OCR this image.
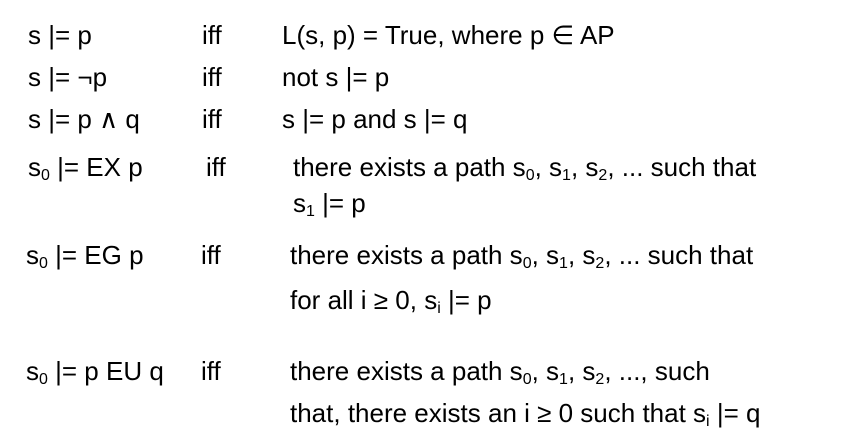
s |= p	iff L(s, p) = True, where p ∈ AP
s |= ¬p	iff not s |= p
s |= p ∧ q iff s |= p and s |= q
$s_0$ |= EX p iff	there exists a path $s_0$, $s_1$, $s_2$, ... such that
$s_1$ |= p
$s_0$ |= EG p iff	there exists a path $s_0$, $s_1$, $s_2$, ... such that
for all i ≥ 0, $s_i$ |= p
$s_0$ |= p EU q iff	there exists a path $s_0$, $s_1$, $s_2$, ..., such
that, there exists an i ≥ 0 such that $s_i$ |= q
